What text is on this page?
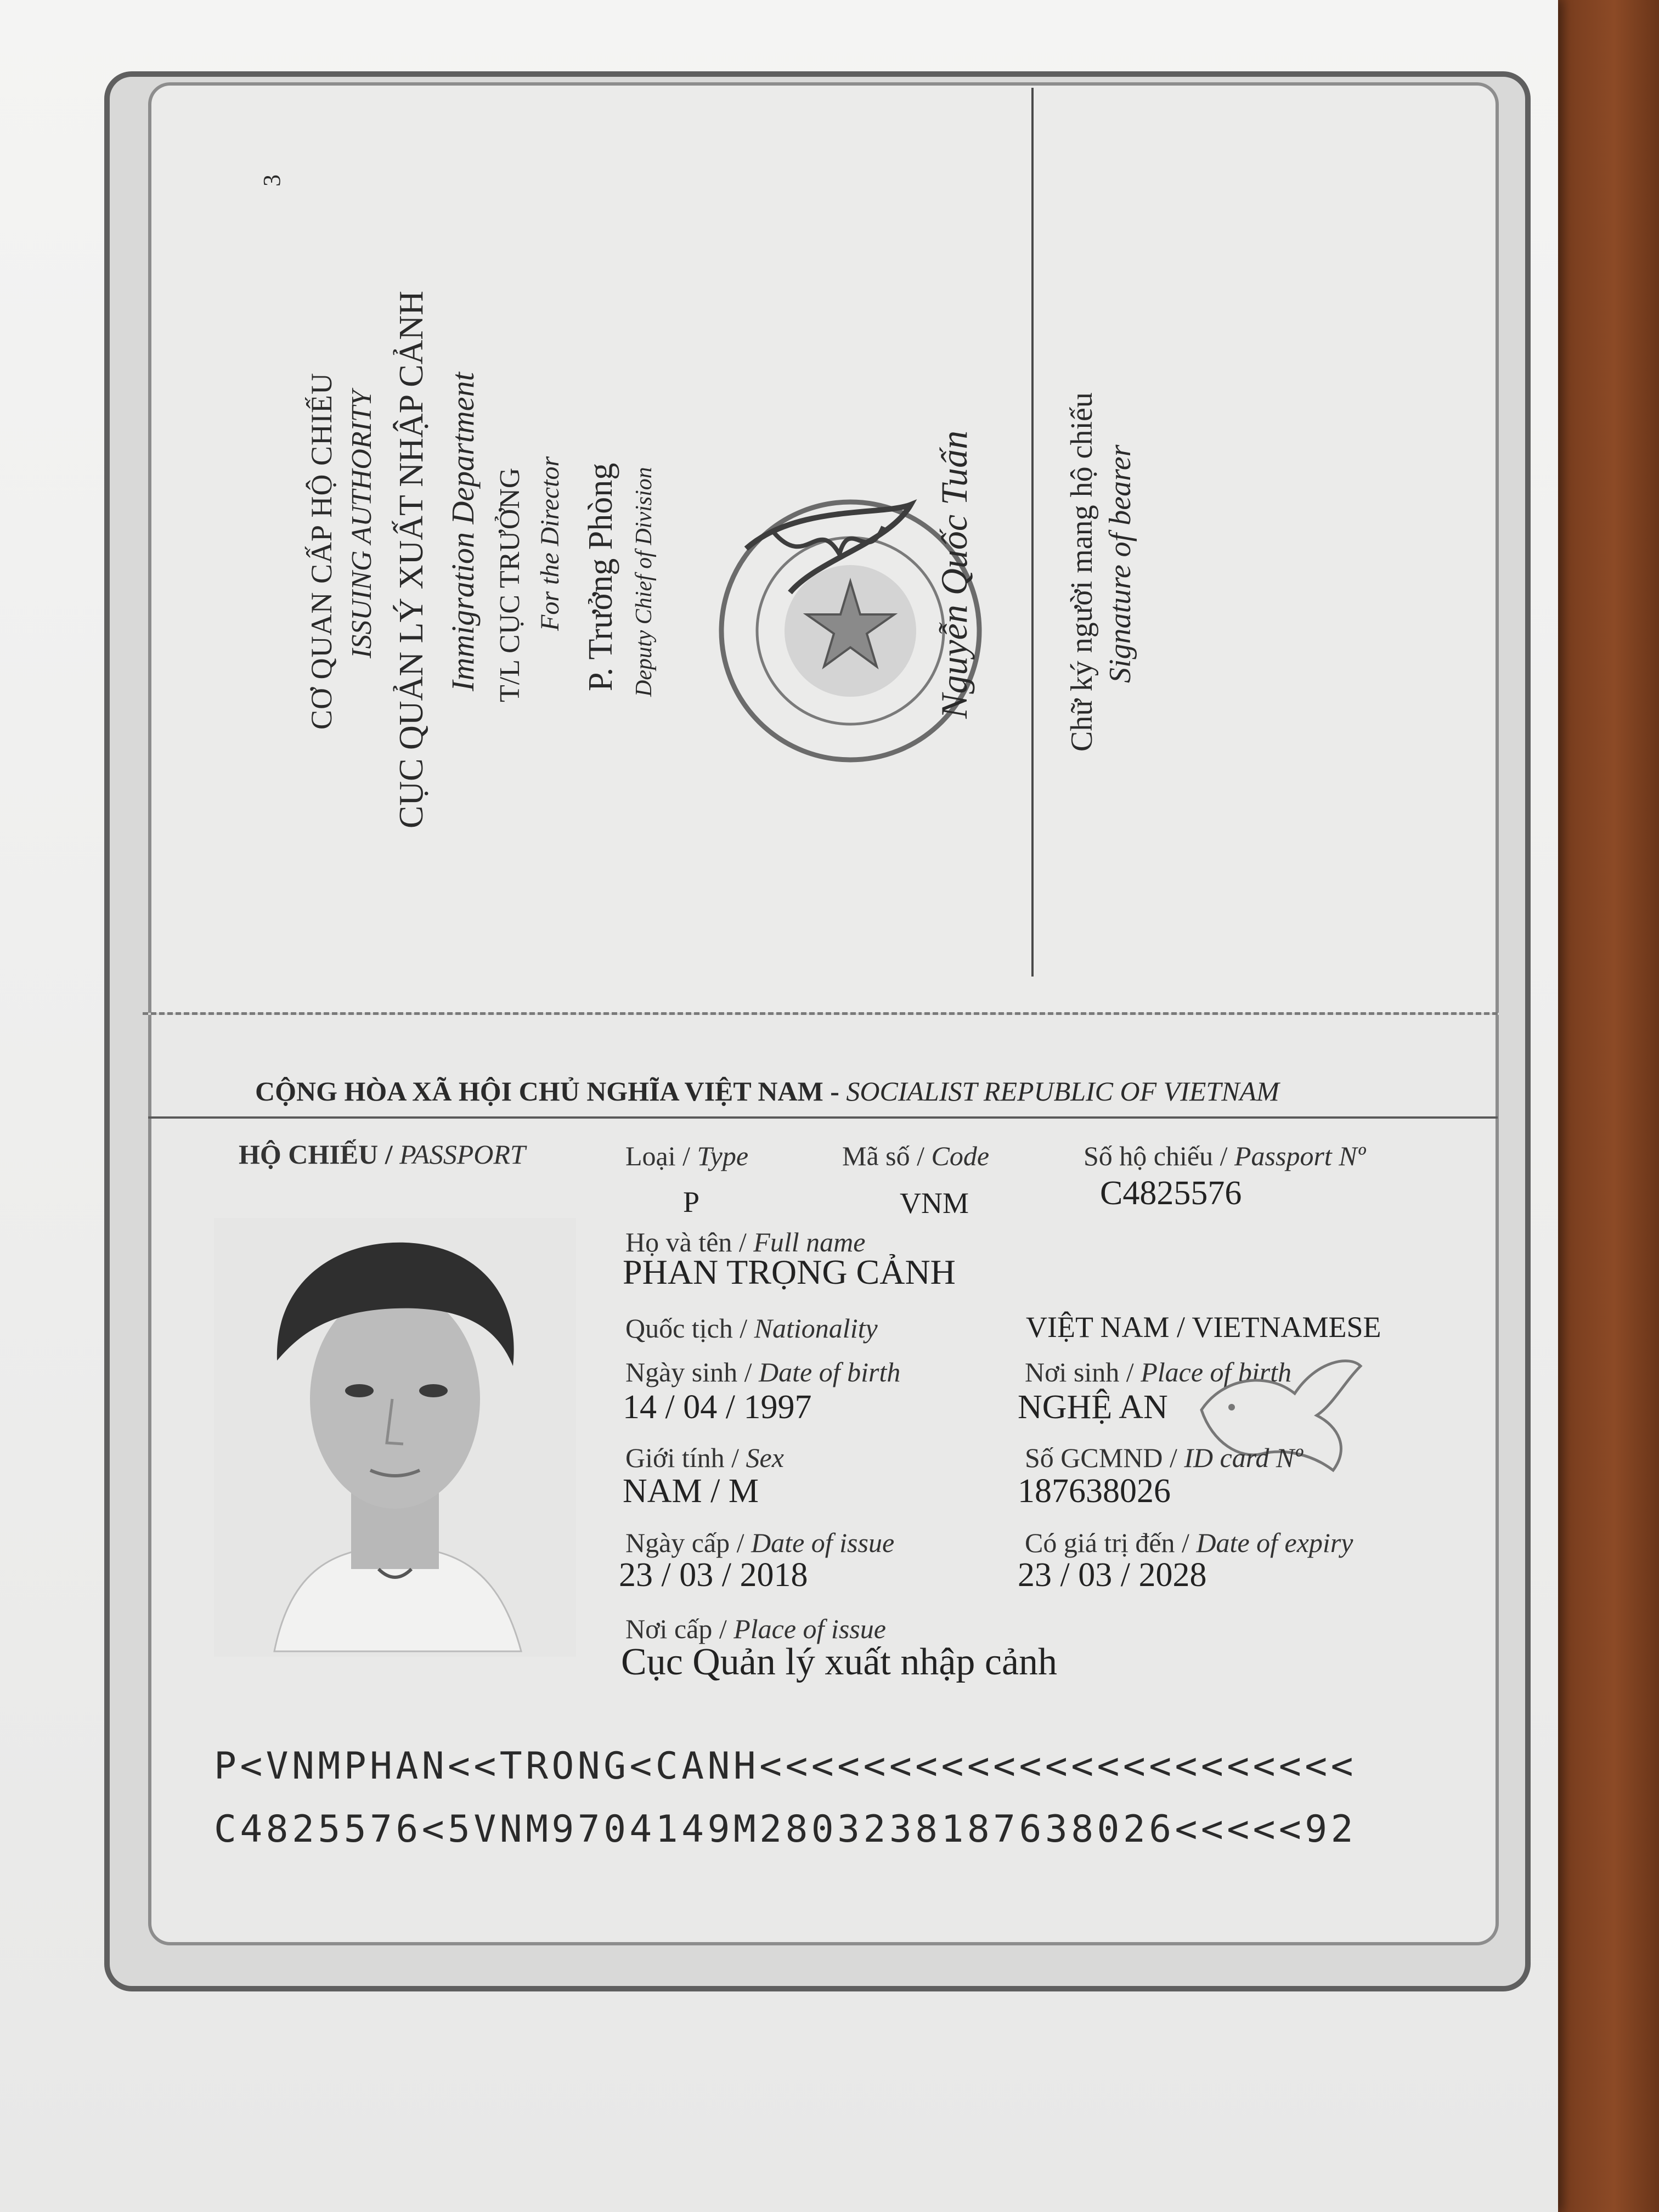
3
CƠ QUAN CẤP HỘ CHIẾU ISSUING AUTHORITY CỤC QUẢN LÝ XUẤT NHẬP CẢNH Immigration Department T/L CỤC TRƯỞNG For the Director P. Trưởng Phòng Deputy Chief of Division	Nguyễn Quốc Tuấn	Chữ ký người mang hộ chiếu Signature of bearer
CỘNG HÒA XÃ HỘI CHỦ NGHĨA VIỆT NAM - SOCIALIST REPUBLIC OF VIETNAM
HỘ CHIẾU / PASSPORT	Loại / Type
P
Mã số / Code
VNM
Số hộ chiếu / Passport Nº
C4825576
Họ và tên / Full name
PHAN TRỌNG CẢNH
Quốc tịch / Nationality	VIỆT NAM / VIETNAMESE
Ngày sinh / Date of birth
14 / 04 / 1997
Nơi sinh / Place of birth
NGHỆ AN
Giới tính / Sex
NAM / M
Số GCMND / ID card Nº
187638026
Ngày cấp / Date of issue
23 / 03 / 2018
Có giá trị đến / Date of expiry
23 / 03 / 2028
Nơi cấp / Place of issue
Cục Quản lý xuất nhập cảnh
P<VNMPHAN<<TRONG<CANH<<<<<<<<<<<<<<<<<<<<<<<
C4825576<5VNM9704149M2803238187638026<<<<<92
